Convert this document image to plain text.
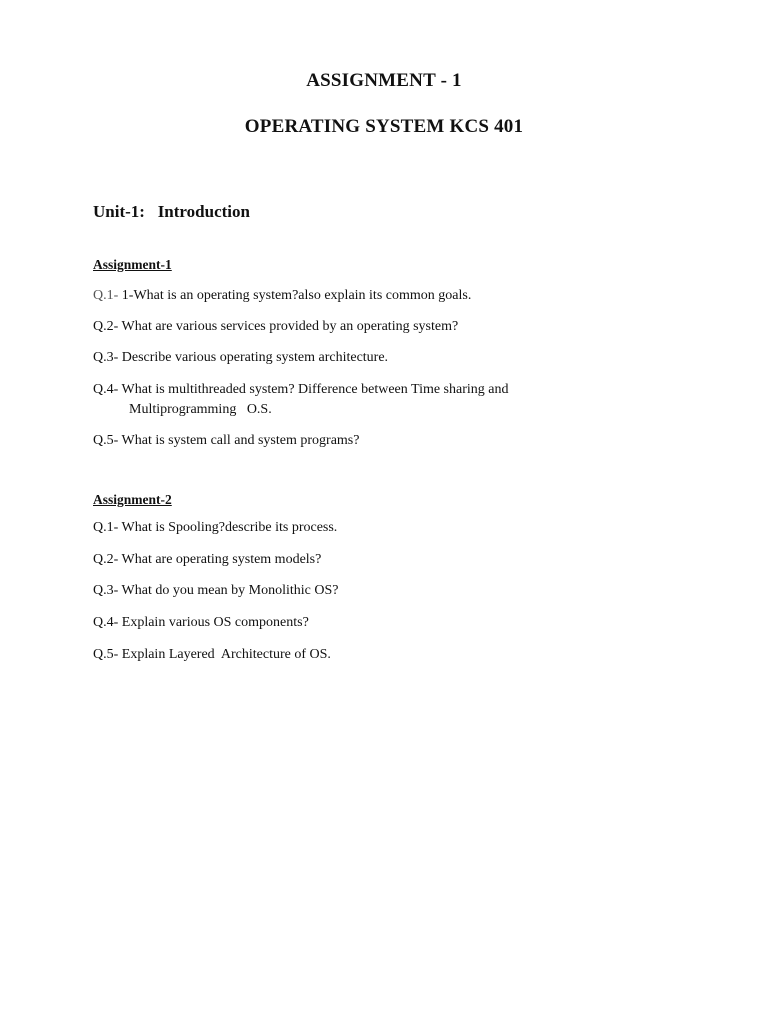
ASSIGNMENT - 1
OPERATING SYSTEM KCS 401
Unit-1:   Introduction
Assignment-1
Q.1- 1-What is an operating system?also explain its common goals.
Q.2- What are various services provided by an operating system?
Q.3- Describe various operating system architecture.
Q.4- What is multithreaded system? Difference between Time sharing and
Multiprogramming   O.S.
Q.5- What is system call and system programs?
Assignment-2
Q.1- What is Spooling?describe its process.
Q.2- What are operating system models?
Q.3- What do you mean by Monolithic OS?
Q.4- Explain various OS components?
Q.5- Explain Layered  Architecture of OS.
